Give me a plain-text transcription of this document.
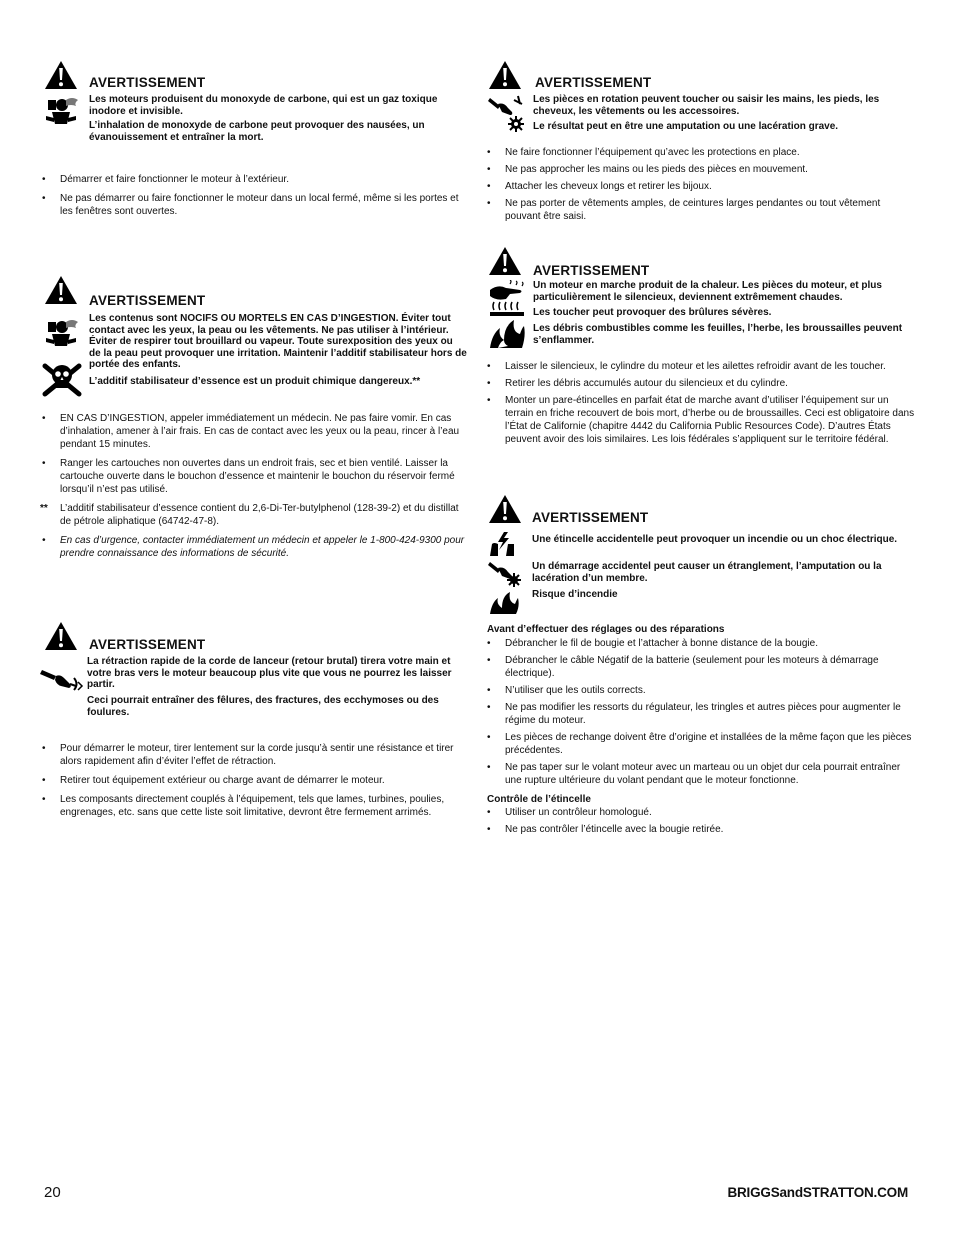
AVERTISSEMENT
Les moteurs produisent du monoxyde de carbone, qui est un gaz toxique inodore et invisible.
L’inhalation de monoxyde de carbone peut provoquer des nausées, un évanouissement et entraîner la mort.
• Démarrer et faire fonctionner le moteur à l’extérieur.
• Ne pas démarrer ou faire fonctionner le moteur dans un local fermé, même si les portes et les fenêtres sont ouvertes.
AVERTISSEMENT
Les contenus sont NOCIFS OU MORTELS EN CAS D’INGESTION. Éviter tout contact avec les yeux, la peau ou les vêtements. Ne pas utiliser à l’intérieur. Éviter de respirer tout brouillard ou vapeur. Toute surexposition des yeux ou de la peau peut provoquer une irritation. Maintenir l’additif stabilisateur hors de portée des enfants.
L’additif stabilisateur d’essence est un produit chimique dangereux.**
• EN CAS D’INGESTION, appeler immédiatement un médecin. Ne pas faire vomir. En cas d’inhalation, amener à l’air frais. En cas de contact avec les yeux ou la peau, rincer à l’eau pendant 15 minutes.
• Ranger les cartouches non ouvertes dans un endroit frais, sec et bien ventilé. Laisser la cartouche ouverte dans le bouchon d’essence et maintenir le bouchon du réservoir fermé lorsqu’il n’est pas utilisé.
** L’additif stabilisateur d’essence contient du 2,6-Di-Ter-butylphenol (128-39-2) et du distillat de pétrole aliphatique (64742-47-8).
• En cas d’urgence, contacter immédiatement un médecin et appeler le 1-800-424-9300 pour prendre connaissance des informations de sécurité.
AVERTISSEMENT
La rétraction rapide de la corde de lanceur (retour brutal) tirera votre main et votre bras vers le moteur beaucoup plus vite que vous ne pourrez les laisser partir.
Ceci pourrait entraîner des fêlures, des fractures, des ecchymoses ou des foulures.
• Pour démarrer le moteur, tirer lentement sur la corde jusqu’à sentir une résistance et tirer alors rapidement afin d’éviter l’effet de rétraction.
• Retirer tout équipement extérieur ou charge avant de démarrer le moteur.
• Les composants directement couplés à l’équipement, tels que lames, turbines, poulies, engrenages, etc. sans que cette liste soit limitative, devront être fermement arrimés.
AVERTISSEMENT
Les pièces en rotation peuvent toucher ou saisir les mains, les pieds, les cheveux, les vêtements ou les accessoires.
Le résultat peut en être une amputation ou une lacération grave.
• Ne faire fonctionner l’équipement qu’avec les protections en place.
• Ne pas approcher les mains ou les pieds des pièces en mouvement.
• Attacher les cheveux longs et retirer les bijoux.
• Ne pas porter de vêtements amples, de ceintures larges pendantes ou tout vêtement pouvant être saisi.
AVERTISSEMENT
Un moteur en marche produit de la chaleur. Les pièces du moteur, et plus particulièrement le silencieux, deviennent extrêmement chaudes.
Les toucher peut provoquer des brûlures sévères.
Les débris combustibles comme les feuilles, l’herbe, les broussailles peuvent s’enflammer.
• Laisser le silencieux, le cylindre du moteur et les ailettes refroidir avant de les toucher.
• Retirer les débris accumulés autour du silencieux et du cylindre.
• Monter un pare-étincelles en parfait état de marche avant d’utiliser l’équipement sur un terrain en friche recouvert de bois mort, d’herbe ou de broussailles. Ceci est obligatoire dans l’État de Californie (chapitre 4442 du California Public Resources Code). D’autres États peuvent avoir des lois similaires. Les lois fédérales s’appliquent sur le territoire fédéral.
AVERTISSEMENT
Une étincelle accidentelle peut provoquer un incendie ou un choc électrique.
Un démarrage accidentel peut causer un étranglement, l’amputation ou la lacération d’un membre.
Risque d’incendie
Avant d’effectuer des réglages ou des réparations
• Débrancher le fil de bougie et l’attacher à bonne distance de la bougie.
• Débrancher le câble Négatif de la batterie (seulement pour les moteurs à démarrage électrique).
• N’utiliser que les outils corrects.
• Ne pas modifier les ressorts du régulateur, les tringles et autres pièces pour augmenter le régime du moteur.
• Les pièces de rechange doivent être d’origine et installées de la même façon que les pièces précédentes.
• Ne pas taper sur le volant moteur avec un marteau ou un objet dur cela pourrait entraîner une rupture ultérieure du volant pendant que le moteur fonctionne.
Contrôle de l’étincelle
• Utiliser un contrôleur homologué.
• Ne pas contrôler l’étincelle avec la bougie retirée.
20	BRIGGSandSTRATTON.COM
